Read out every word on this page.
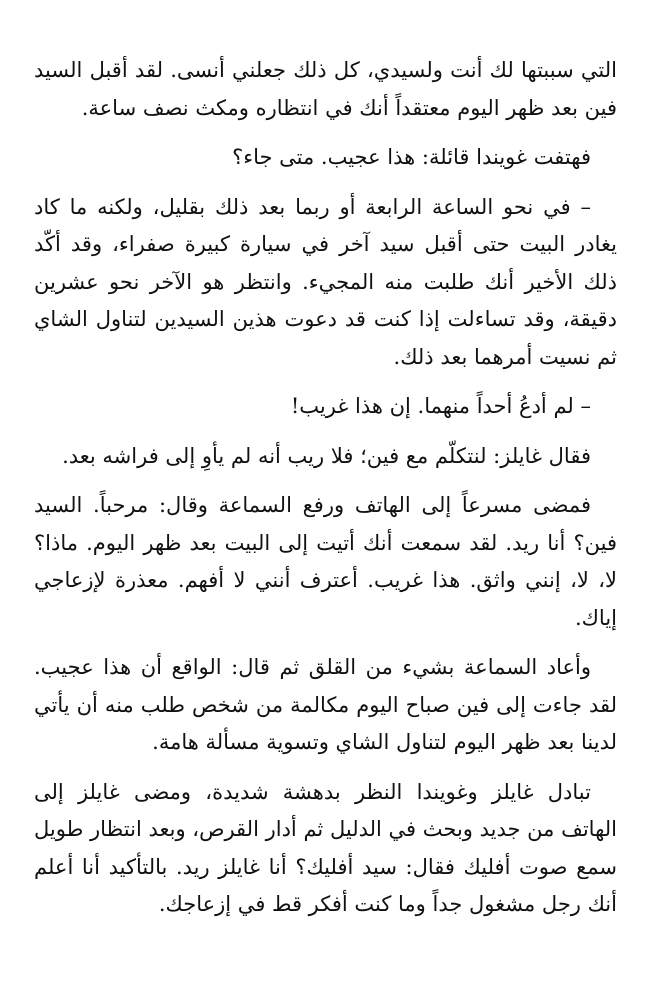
التي سببتها لك أنت ولسيدي، كل ذلك جعلني أنسى. لقد أقبل السيد فين بعد ظهر اليوم معتقداً أنك في انتظاره ومكث نصف ساعة.

فهتفت غويندا قائلة: هذا عجيب. متى جاء؟

– في نحو الساعة الرابعة أو ربما بعد ذلك بقليل، ولكنه ما كاد يغادر البيت حتى أقبل سيد آخر في سيارة كبيرة صفراء، وقد أكّد ذلك الأخير أنك طلبت منه المجيء. وانتظر هو الآخر نحو عشرين دقيقة، وقد تساءلت إذا كنت قد دعوت هذين السيدين لتناول الشاي ثم نسيت أمرهما بعد ذلك.

– لم أدعُ أحداً منهما. إن هذا غريب!

فقال غايلز: لنتكلّم مع فين؛ فلا ريب أنه لم يأوِ إلى فراشه بعد.

فمضى مسرعاً إلى الهاتف ورفع السماعة وقال: مرحباً. السيد فين؟ أنا ريد. لقد سمعت أنك أتيت إلى البيت بعد ظهر اليوم. ماذا؟ لا، لا، إنني واثق. هذا غريب. أعترف أنني لا أفهم. معذرة لإزعاجي إياك.

وأعاد السماعة بشيء من القلق ثم قال: الواقع أن هذا عجيب. لقد جاءت إلى فين صباح اليوم مكالمة من شخص طلب منه أن يأتي لدينا بعد ظهر اليوم لتناول الشاي وتسوية مسألة هامة.

تبادل غايلز وغويندا النظر بدهشة شديدة، ومضى غايلز إلى الهاتف من جديد وبحث في الدليل ثم أدار القرص، وبعد انتظار طويل سمع صوت أفليك فقال: سيد أفليك؟ أنا غايلز ريد. بالتأكيد أنا أعلم أنك رجل مشغول جداً وما كنت أفكر قط في إزعاجك.
